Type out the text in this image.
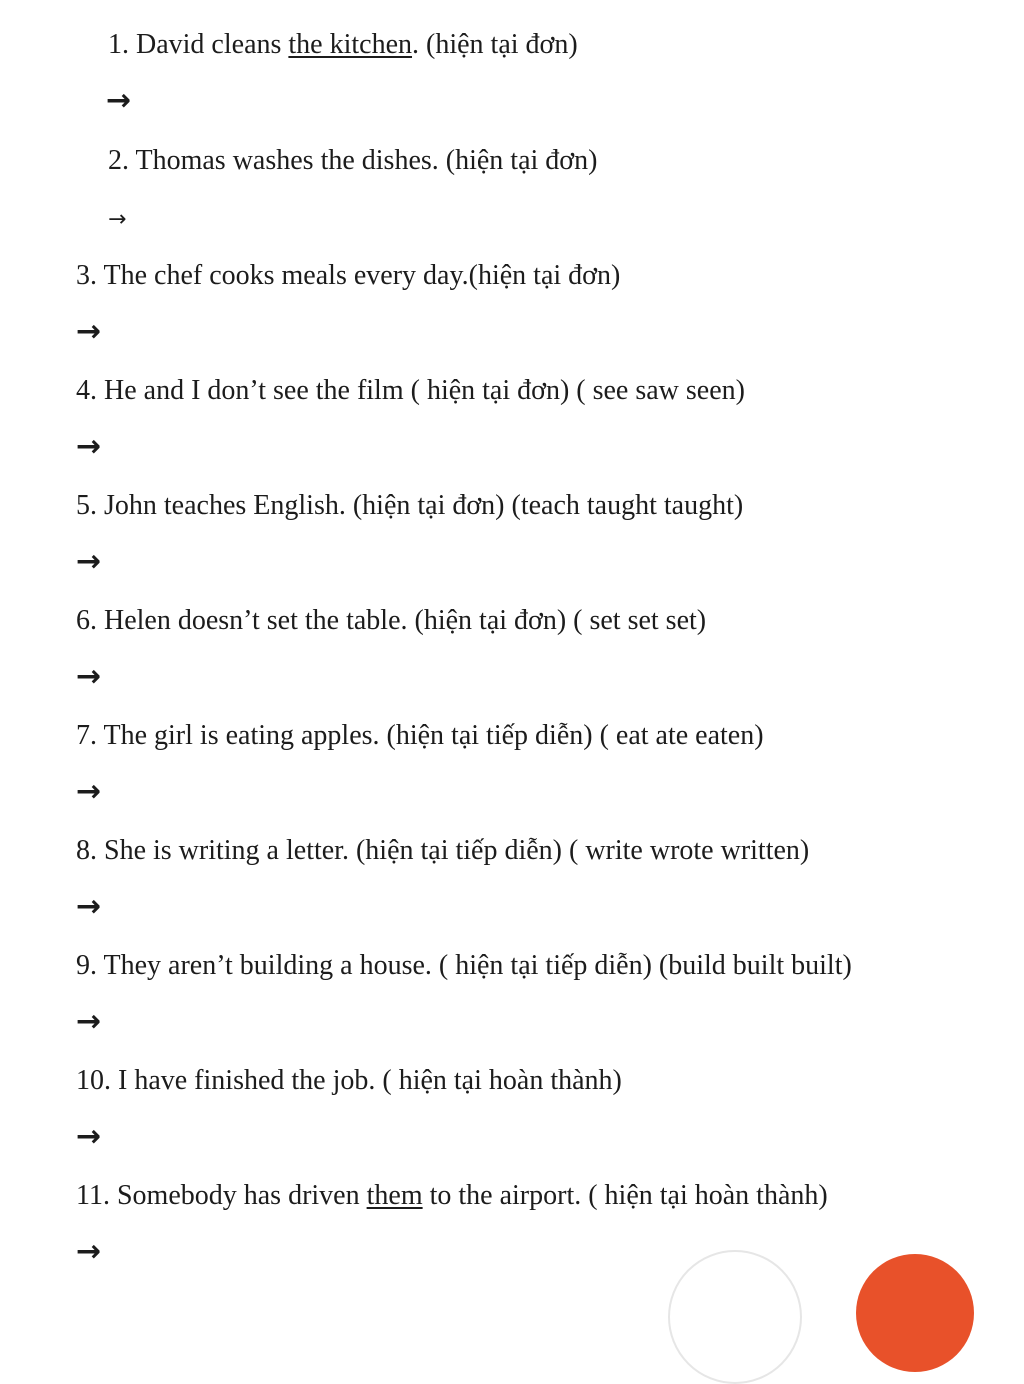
1. David cleans the kitchen. (hiện tại đơn)
→
2. Thomas washes the dishes. (hiện tại đơn)
→
3. The chef cooks meals every day.(hiện tại đơn)
→
4. He and I don’t see the film ( hiện tại đơn) ( see saw seen)
→
5. John teaches English. (hiện tại đơn) (teach taught taught)
→
6. Helen doesn’t set the table. (hiện tại đơn) ( set set set)
→
7. The girl is eating apples. (hiện tại tiếp diễn) ( eat ate eaten)
→
8. She is writing a letter. (hiện tại tiếp diễn) ( write wrote written)
→
9. They aren’t building a house. ( hiện tại tiếp diễn) (build built built)
→
10. I have finished the job. ( hiện tại hoàn thành)
→
11. Somebody has driven them to the airport. ( hiện tại hoàn thành)
→
